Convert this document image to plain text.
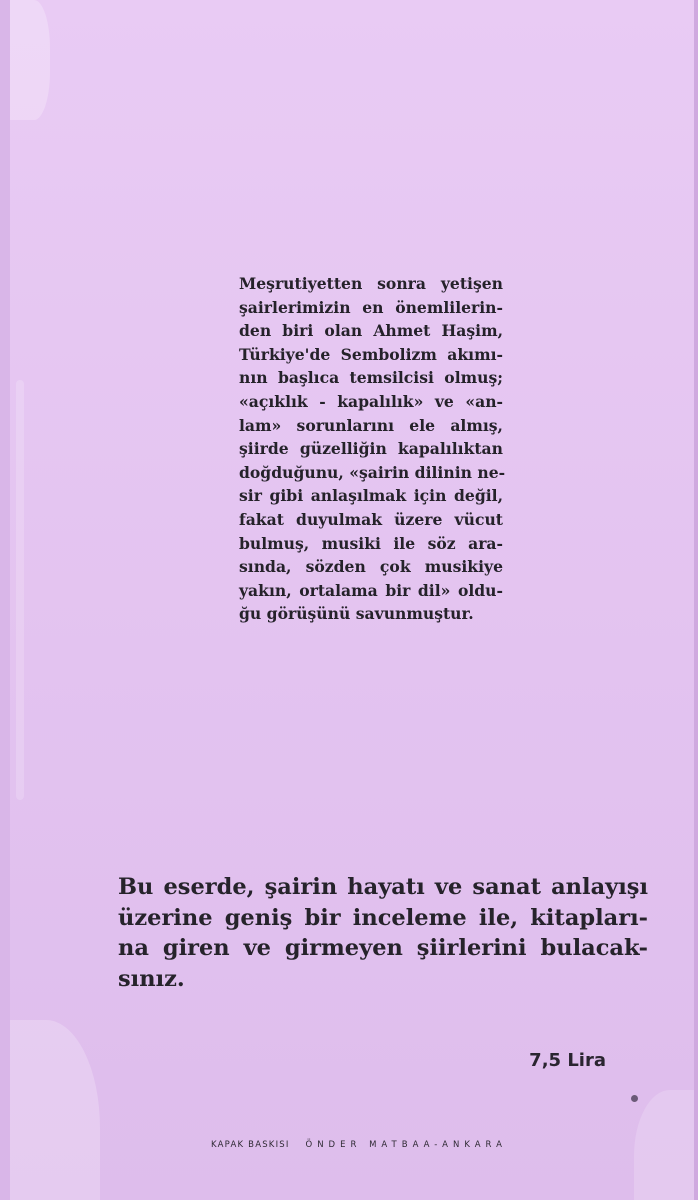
Meşrutiyetten sonra yetişen
şairlerimizin en önemlilerin-
den biri olan Ahmet Haşim,
Türkiye'de Sembolizm akımı-
nın başlıca temsilcisi olmuş;
«açıklık - kapalılık» ve «an-
lam» sorunlarını ele almış,
şiirde güzelliğin kapalılıktan
doğduğunu, «şairin dilinin ne-
sir gibi anlaşılmak için değil,
fakat duyulmak üzere vücut
bulmuş, musiki ile söz ara-
sında, sözden çok musikiye
yakın, ortalama bir dil» oldu-
ğu görüşünü savunmuştur.
Bu eserde, şairin hayatı ve sanat anlayışı
üzerine geniş bir inceleme ile, kitapları-
na giren ve girmeyen şiirlerini bulacak-
sınız.
7,5 Lira
KAPAK BASKISI ÖNDER MATBAA-ANKARA
